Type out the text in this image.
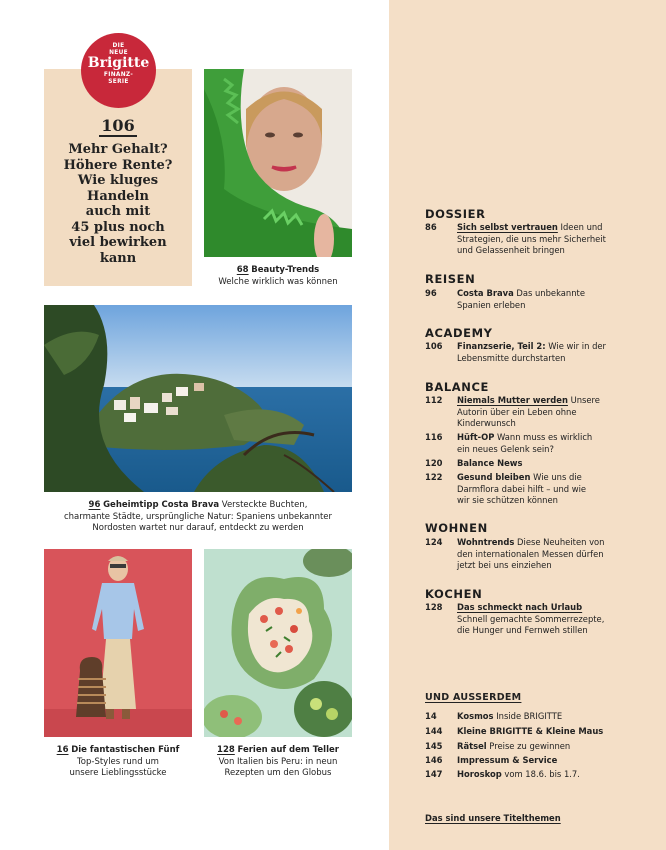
DIE
NEUE
Brigitte
FINANZ-
SERIE
106
Mehr Gehalt?
Höhere Rente?
Wie kluges
Handeln
auch mit
45 plus noch
viel bewirken
kann
68 Beauty-Trends
Welche wirklich was können
96 Geheimtipp Costa Brava Versteckte Buchten,
charmante Städte, ursprüngliche Natur: Spaniens unbekannter
Nordosten wartet nur darauf, entdeckt zu werden
16 Die fantastischen Fünf
Top-Styles rund um
unsere Lieblingsstücke
128 Ferien auf dem Teller
Von Italien bis Peru: in neun
Rezepten um den Globus
DOSSIER
86 Sich selbst vertrauen Ideen und
Strategien, die uns mehr Sicherheit
und Gelassenheit bringen
REISEN
96 Costa Brava Das unbekannte
Spanien erleben
ACADEMY
106 Finanzserie, Teil 2: Wie wir in der
Lebensmitte durchstarten
BALANCE
112 Niemals Mutter werden Unsere
Autorin über ein Leben ohne
Kinderwunsch
116 Hüft-OP Wann muss es wirklich
ein neues Gelenk sein?
120 Balance News
122 Gesund bleiben Wie uns die
Darmflora dabei hilft – und wie
wir sie schützen können
WOHNEN
124 Wohntrends Diese Neuheiten von
den internationalen Messen dürfen
jetzt bei uns einziehen
KOCHEN
128 Das schmeckt nach Urlaub
Schnell gemachte Sommerrezepte,
die Hunger und Fernweh stillen
UND AUSSERDEM
14 Kosmos Inside BRIGITTE
144 Kleine BRIGITTE & Kleine Maus
145 Rätsel Preise zu gewinnen
146 Impressum & Service
147 Horoskop vom 18.6. bis 1.7.
Das sind unsere Titelthemen
